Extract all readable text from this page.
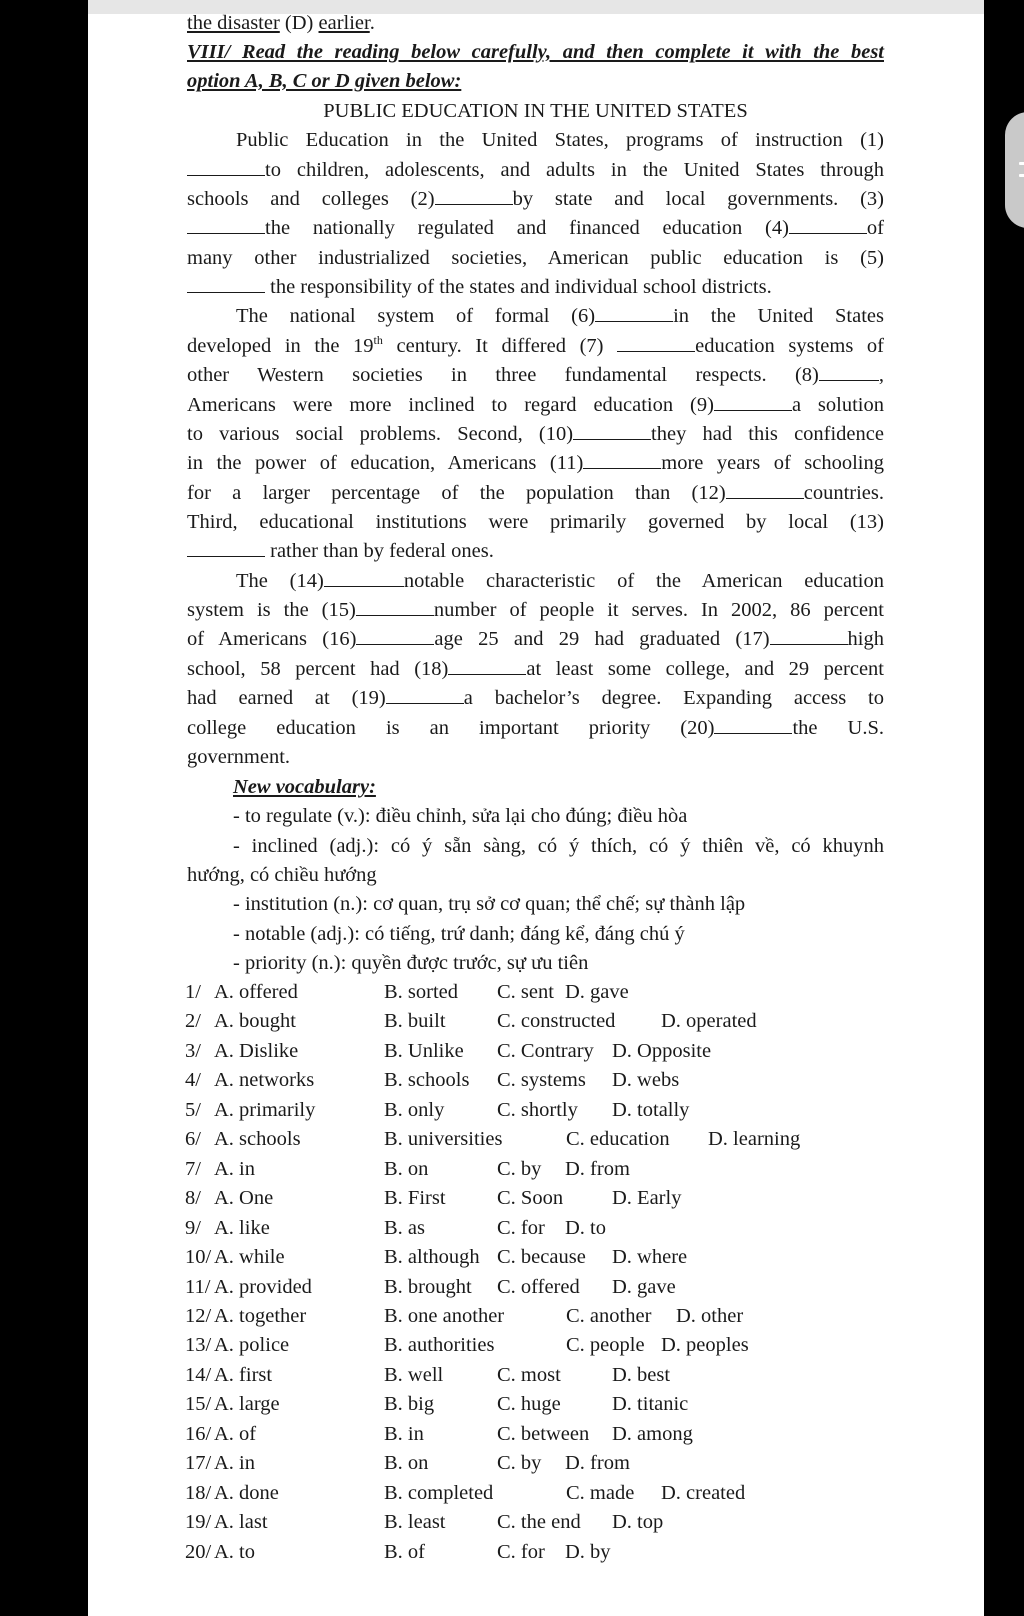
the disaster (D) earlier.
VIII/ Read the reading below carefully, and then complete it with the best
option A, B, C or D given below:
PUBLIC EDUCATION IN THE UNITED STATES
Public Education in the United States, programs of instruction (1)
to children, adolescents, and adults in the United States through
schools and colleges (2)	by state and local governments. (3)
the nationally regulated and financed education (4)	of
many other industrialized societies, American public education is (5)
the responsibility of the states and individual school districts.
The national system of formal (6)	in the United States
developed in the 19th century. It differed (7)	education systems of
other Western societies in three fundamental respects. (8)	,
Americans were more inclined to regard education (9)	a solution
to various social problems. Second, (10)	they had this confidence
in the power of education, Americans (11)	more years of schooling
for a larger percentage of the population than (12)	countries.
Third, educational institutions were primarily governed by local (13)
rather than by federal ones.
The (14)	notable characteristic of the American education
system is the (15)	number of people it serves. In 2002, 86 percent
of Americans (16)	age 25 and 29 had graduated (17)	high
school, 58 percent had (18)	at least some college, and 29 percent
had earned at (19)	a bachelor’s degree. Expanding access to
college education is an important priority (20)	the U.S.
government.
New vocabulary:
- to regulate (v.): điều chỉnh, sửa lại cho đúng; điều hòa
- inclined (adj.): có ý sẵn sàng, có ý thích, có ý thiên về, có khuynh
hướng, có chiều hướng
- institution (n.): cơ quan, trụ sở cơ quan; thể chế; sự thành lập
- notable (adj.): có tiếng, trứ danh; đáng kể, đáng chú ý
- priority (n.): quyền được trước, sự ưu tiên
1/ A. offered	B. sorted C. sent D. gave
2/ A. bought	B. built	C. constructed D. operated
3/ A. Dislike	B. Unlike C. Contrary D. Opposite
4/ A. networks	B. schools C. systems D. webs
5/ A. primarily	B. only	C. shortly D. totally
6/ A. schools	B. universities	C. education D. learning
7/ A. in	B. on	C. by D. from
8/ A. One	B. First	C. Soon D. Early
9/ A. like	B. as	C. for D. to
10/ A. while	B. although C. because D. where
11/ A. provided	B. brought C. offered D. gave
12/ A. together	B. one another	C. another D. other
13/ A. police	B. authorities	C. people D. peoples
14/ A. first	B. well	C. most D. best
15/ A. large	B. big	C. huge D. titanic
16/ A. of	B. in	C. between D. among
17/ A. in	B. on	C. by D. from
18/ A. done	B. completed	C. made D. created
19/ A. last	B. least	C. the end D. top
20/ A. to	B. of	C. for D. by
